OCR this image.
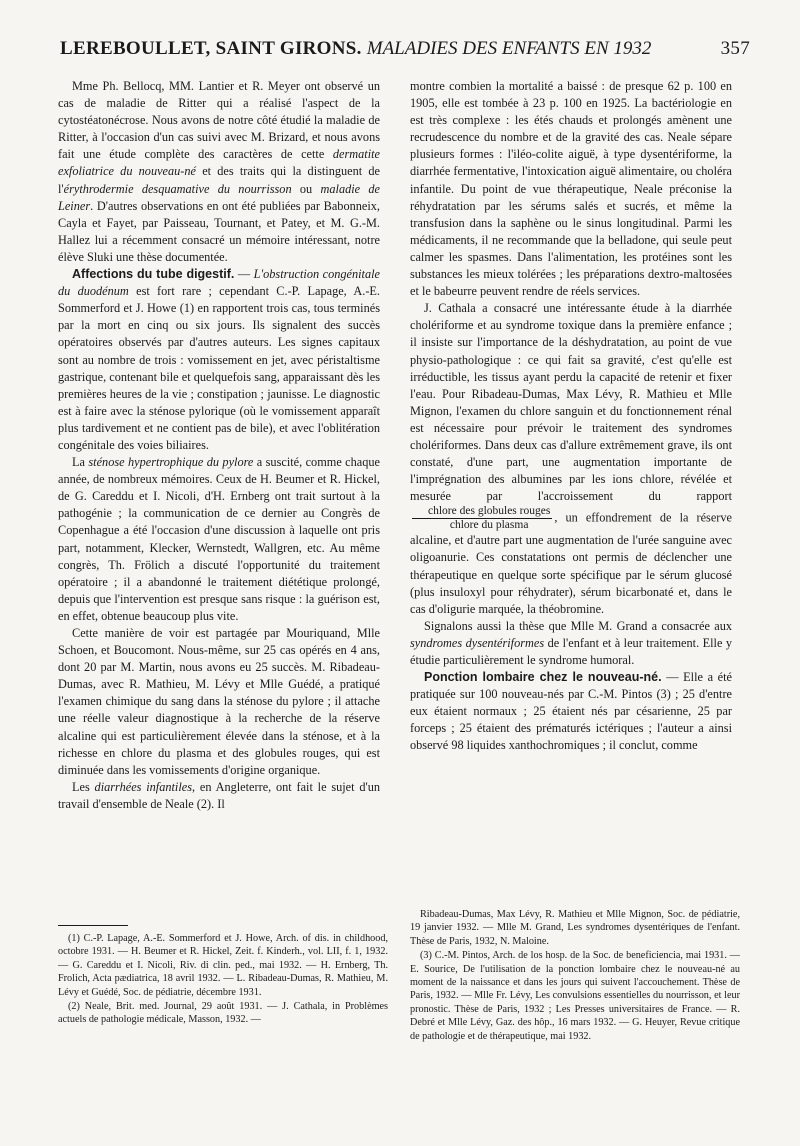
LEREBOULLET, SAINT GIRONS. MALADIES DES ENFANTS EN 1932	357

Mme Ph. Bellocq, MM. Lantier et R. Meyer ont observé un cas de maladie de Ritter qui a réalisé l'aspect de la cytostéatonécrose. Nous avons de notre côté étudié la maladie de Ritter, à l'occasion d'un cas suivi avec M. Brizard, et nous avons fait une étude complète des caractères de cette dermatite exfoliatrice du nouveau-né et des traits qui la distinguent de l'érythrodermie desquamative du nourrisson ou maladie de Leiner. D'autres observations en ont été publiées par Babonneix, Cayla et Fayet, par Paisseau, Tournant, et Patey, et M. G.-M. Hallez lui a récemment consacré un mémoire intéressant, notre élève Sluki une thèse documentée.

Affections du tube digestif. — L'obstruction congénitale du duodénum est fort rare ; cependant C.-P. Lapage, A.-E. Sommerford et J. Howe (1) en rapportent trois cas, tous terminés par la mort en cinq ou six jours. Ils signalent des succès opératoires observés par d'autres auteurs. Les signes capitaux sont au nombre de trois : vomissement en jet, avec péristaltisme gastrique, contenant bile et quelquefois sang, apparaissant dès les premières heures de la vie ; constipation ; jaunisse. Le diagnostic est à faire avec la sténose pylorique (où le vomissement apparaît plus tardivement et ne contient pas de bile), et avec l'oblitération congénitale des voies biliaires.

La sténose hypertrophique du pylore a suscité, comme chaque année, de nombreux mémoires. Ceux de H. Beumer et R. Hickel, de G. Careddu et I. Nicoli, d'H. Ernberg ont trait surtout à la pathogénie ; la communication de ce dernier au Congrès de Copenhague a été l'occasion d'une discussion à laquelle ont pris part, notamment, Klecker, Wernstedt, Wallgren, etc. Au même congrès, Th. Frölich a discuté l'opportunité du traitement opératoire ; il a abandonné le traitement diététique prolongé, depuis que l'intervention est presque sans risque : la guérison est, en effet, obtenue beaucoup plus vite.

Cette manière de voir est partagée par Mouriquand, Mlle Schoen, et Boucomont. Nous-même, sur 25 cas opérés en 4 ans, dont 20 par M. Martin, nous avons eu 25 succès. M. Ribadeau-Dumas, avec R. Mathieu, M. Lévy et Mlle Guédé, a pratiqué l'examen chimique du sang dans la sténose du pylore ; il attache une réelle valeur diagnostique à la recherche de la réserve alcaline qui est particulièrement élevée dans la sténose, et à la richesse en chlore du plasma et des globules rouges, qui est diminuée dans les vomissements d'origine organique.

Les diarrhées infantiles, en Angleterre, ont fait le sujet d'un travail d'ensemble de Neale (2). Il

montre combien la mortalité a baissé : de presque 62 p. 100 en 1905, elle est tombée à 23 p. 100 en 1925. La bactériologie en est très complexe : les étés chauds et prolongés amènent une recrudescence du nombre et de la gravité des cas. Neale sépare plusieurs formes : l'iléo-colite aiguë, à type dysentériforme, la diarrhée fermentative, l'intoxication aiguë alimentaire, ou choléra infantile. Du point de vue thérapeutique, Neale préconise la réhydratation par les sérums salés et sucrés, et même la transfusion dans la saphène ou le sinus longitudinal. Parmi les médicaments, il ne recommande que la belladone, qui seule peut calmer les spasmes. Dans l'alimentation, les protéines sont les substances les mieux tolérées ; les préparations dextro-maltosées et le babeurre peuvent rendre de réels services.

J. Cathala a consacré une intéressante étude à la diarrhée cholériforme et au syndrome toxique dans la première enfance ; il insiste sur l'importance de la déshydratation, au point de vue physio-pathologique : ce qui fait sa gravité, c'est qu'elle est irréductible, les tissus ayant perdu la capacité de retenir et fixer l'eau. Pour Ribadeau-Dumas, Max Lévy, R. Mathieu et Mlle Mignon, l'examen du chlore sanguin et du fonctionnement rénal est nécessaire pour prévoir le traitement des syndromes cholériformes. Dans deux cas d'allure extrêmement grave, ils ont constaté, d'une part, une augmentation importante de l'imprégnation des albumines par les ions chlore, révélée et mesurée par l'accroissement du rapport
$\frac{\text{chlore des globules rouges}}{\text{chlore du plasma}}$ , un effondrement de la réserve alcaline, et d'autre part une augmentation de l'urée sanguine avec oligoanurie. Ces constatations ont permis de déclencher une thérapeutique en quelque sorte spécifique par le sérum glucosé (plus insuloxyl pour réhydrater), sérum bicarbonaté et, dans le cas d'oligurie marquée, la théobromine.

Signalons aussi la thèse que Mlle M. Grand a consacrée aux syndromes dysentériformes de l'enfant et à leur traitement. Elle y étudie particulièrement le syndrome humoral.

Ponction lombaire chez le nouveau-né. — Elle a été pratiquée sur 100 nouveau-nés par C.-M. Pintos (3) ; 25 d'entre eux étaient normaux ; 25 étaient nés par césarienne, 25 par forceps ; 25 étaient des prématurés ictériques ; l'auteur a ainsi observé 98 liquides xanthochromiques ; il conclut, comme

(1) C.-P. Lapage, A.-E. Sommerford et J. Howe, Arch. of dis. in childhood, octobre 1931. — H. Beumer et R. Hickel, Zeit. f. Kinderh., vol. LII, f. 1, 1932. — G. Careddu et I. Nicoli, Riv. di clin. ped., mai 1932. — H. Ernberg, Th. Frolich, Acta pædiatrica, 18 avril 1932. — L. Ribadeau-Dumas, R. Mathieu, M. Lévy et Guédé, Soc. de pédiatrie, décembre 1931.

(2) Neale, Brit. med. Journal, 29 août 1931. — J. Cathala, in Problèmes actuels de pathologie médicale, Masson, 1932. —

Ribadeau-Dumas, Max Lévy, R. Mathieu et Mlle Mignon, Soc. de pédiatrie, 19 janvier 1932. — Mlle M. Grand, Les syndromes dysentériques de l'enfant. Thèse de Paris, 1932, N. Maloine.

(3) C.-M. Pintos, Arch. de los hosp. de la Soc. de beneficiencia, mai 1931. — E. Sourice, De l'utilisation de la ponction lombaire chez le nouveau-né au moment de la naissance et dans les jours qui suivent l'accouchement. Thèse de Paris, 1932. — Mlle Fr. Lévy, Les convulsions essentielles du nourrisson, et leur pronostic. Thèse de Paris, 1932 ; Les Presses universitaires de France. — R. Debré et Mlle Lévy, Gaz. des hôp., 16 mars 1932. — G. Heuyer, Revue critique de pathologie et de thérapeutique, mai 1932.
